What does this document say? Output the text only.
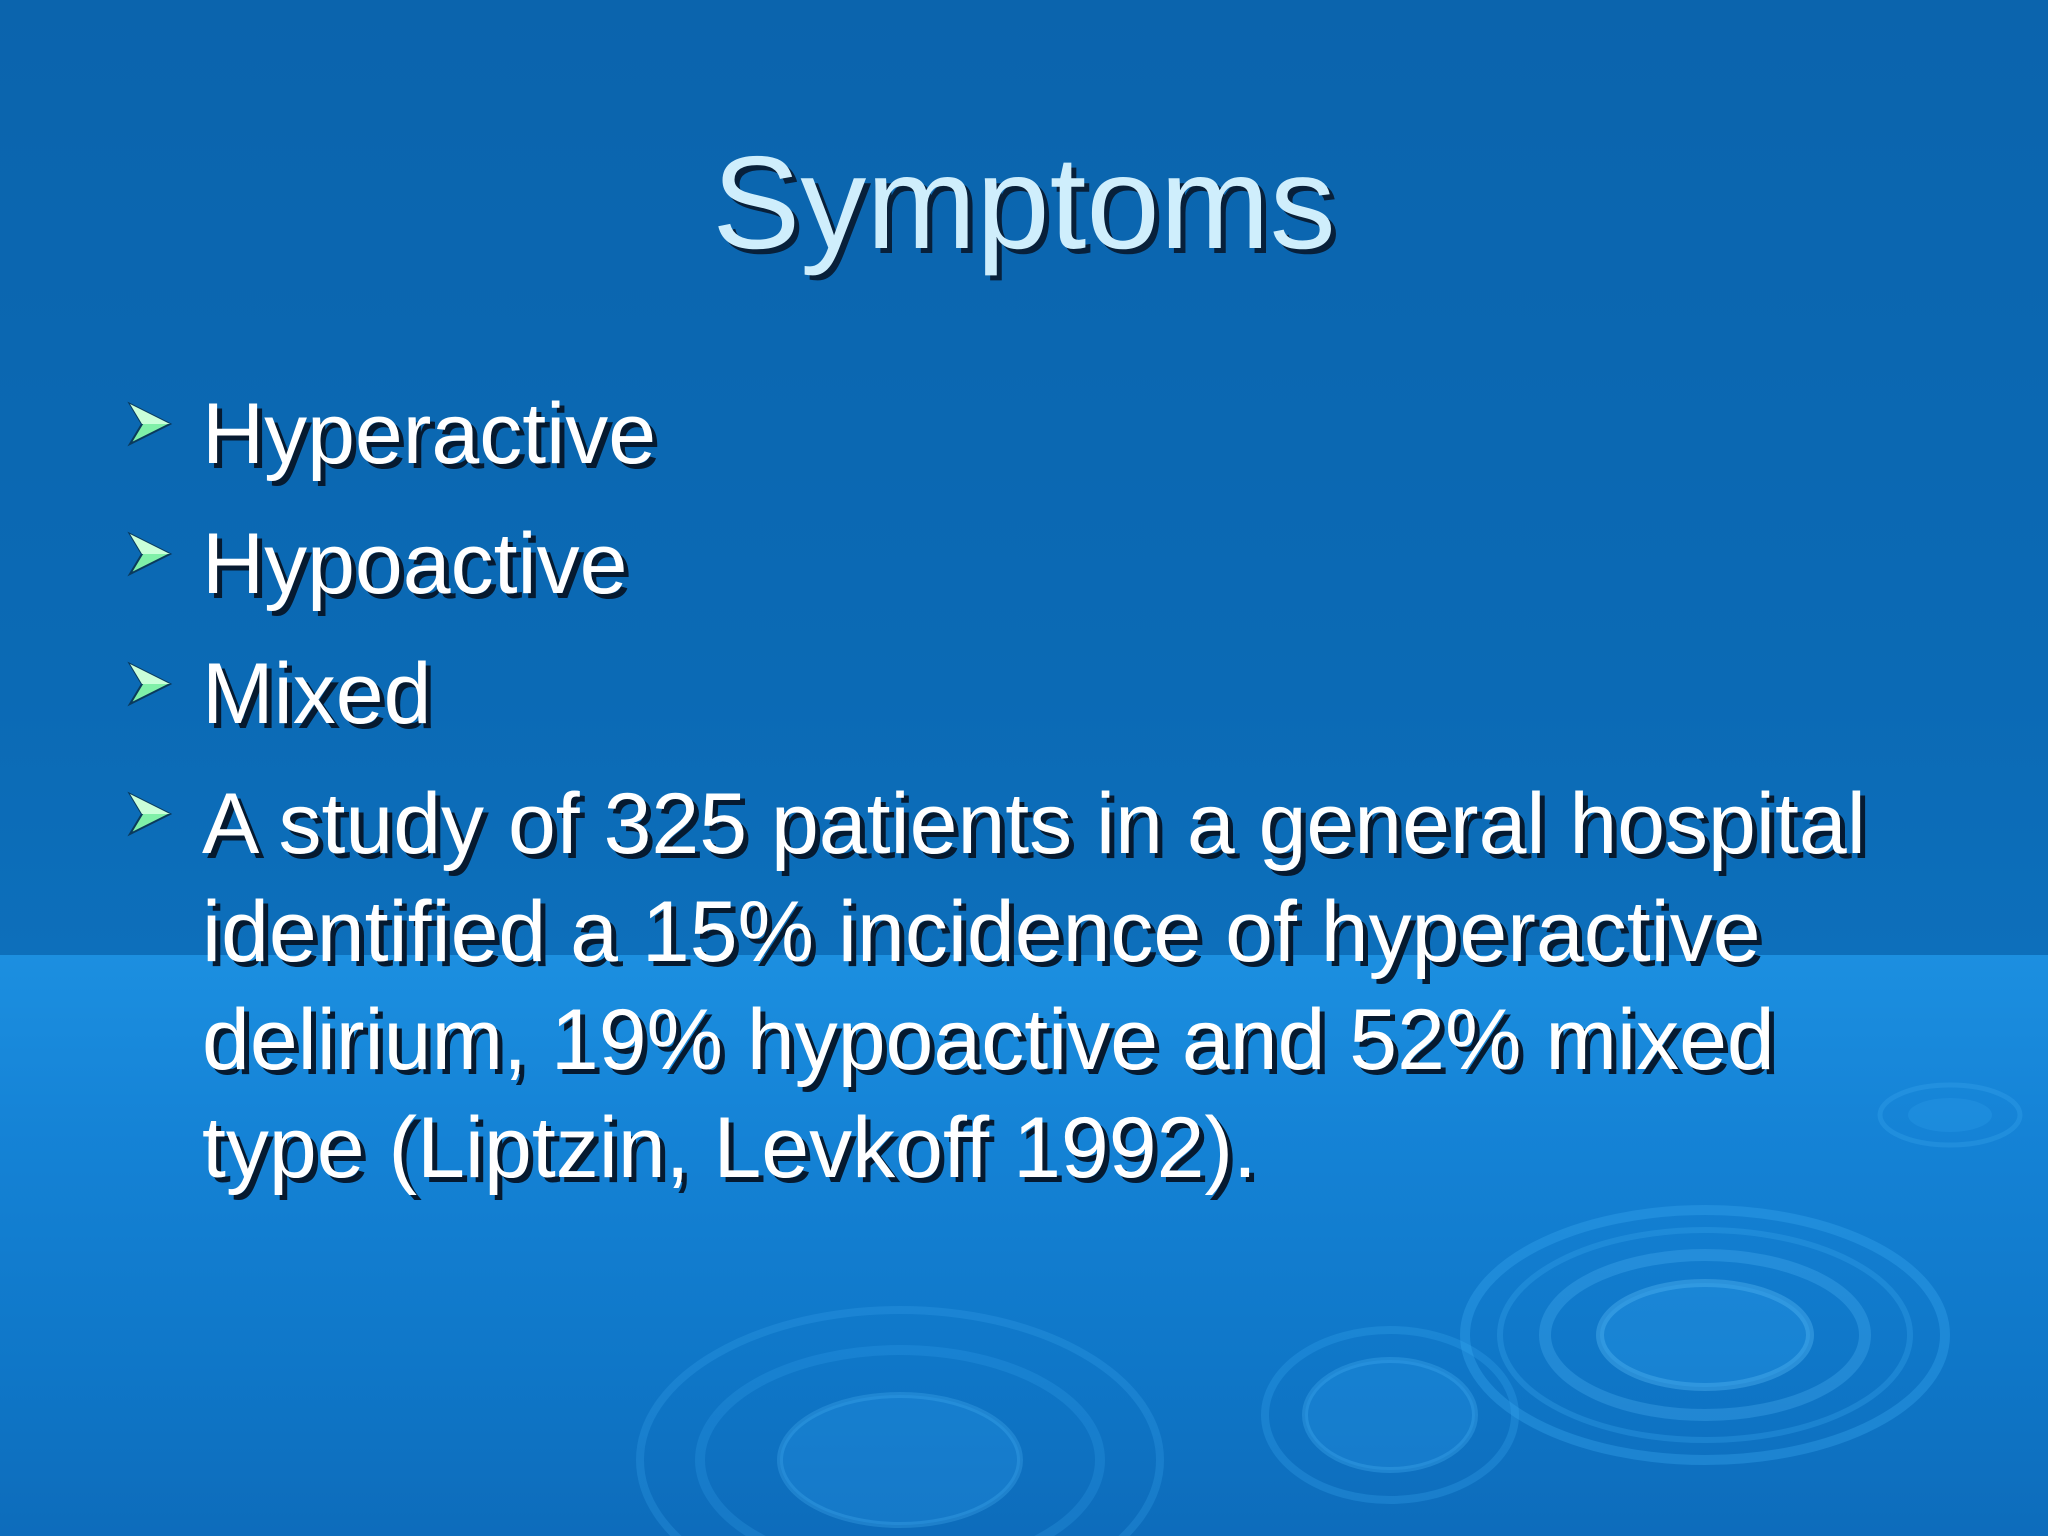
Symptoms
Hyperactive
Hypoactive
Mixed
A study of 325 patients in a general hospital identified a 15% incidence of hyperactive delirium, 19% hypoactive and 52% mixed type (Liptzin, Levkoff 1992).
